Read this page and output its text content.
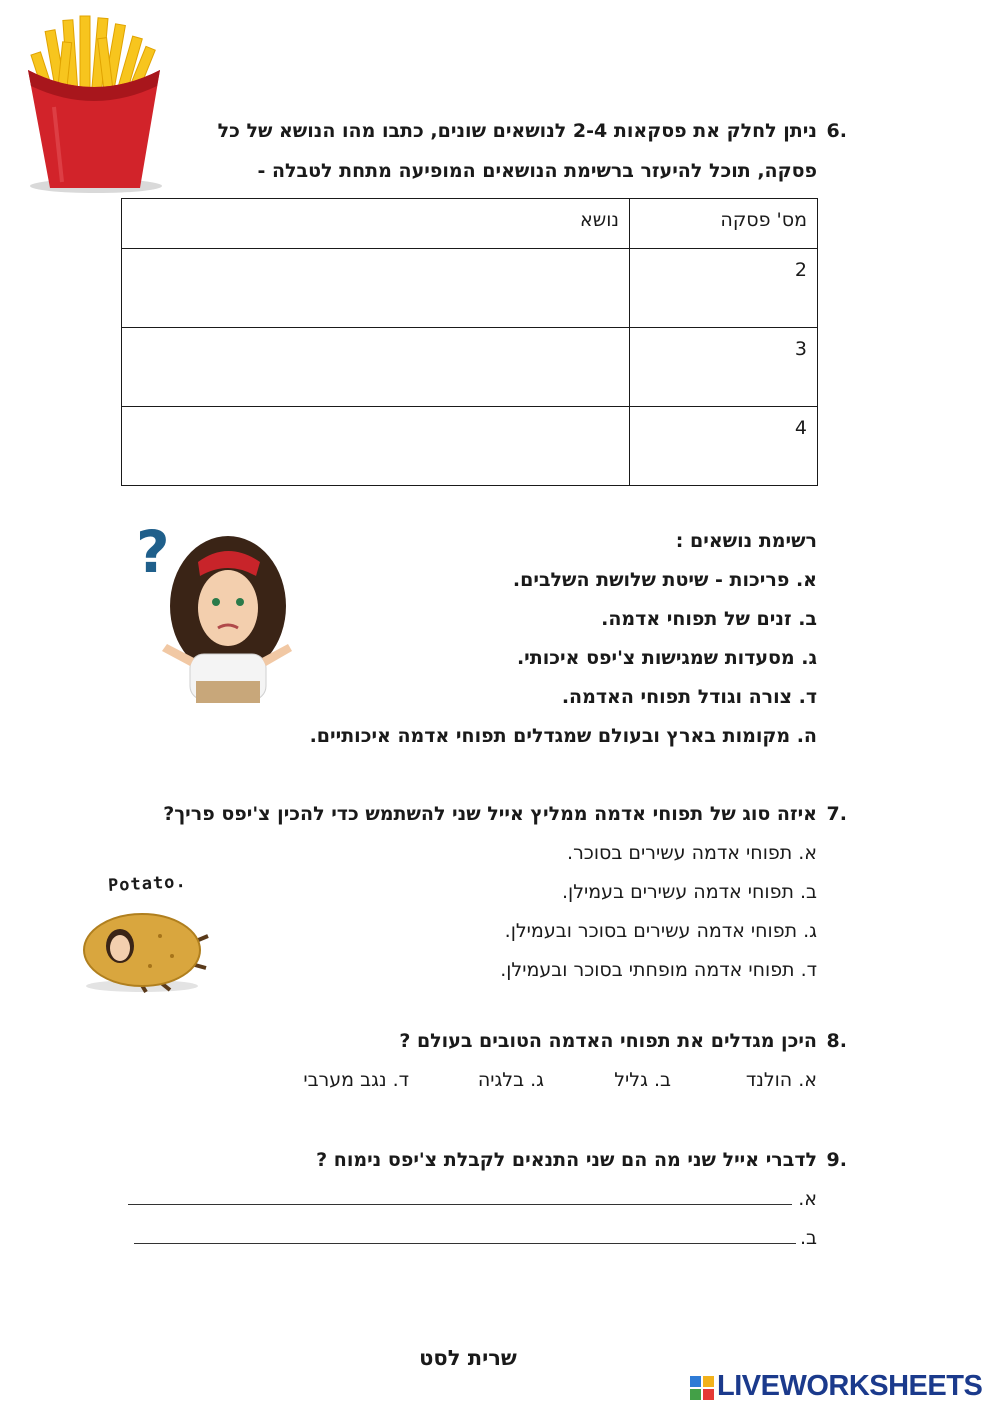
.6
ניתן לחלק את פסקאות 2-4 לנושאים שונים, כתבו מהו הנושא של כל
פסקה, תוכל להיעזר ברשימת הנושאים המופיעה מתחת לטבלה -
מס' פסקה	נושא
2	
3	
4	
?	רשימת נושאים :
א. פריכות - שיטת שלושת השלבים.
ב. זנים של תפוחי אדמה.
ג. מסעדות שמגישות צ'יפס איכותי.
ד. צורה וגודל תפוחי האדמה.
ה. מקומות בארץ ובעולם שמגדלים תפוחי אדמה איכותיים.
.7
איזה סוג של תפוחי אדמה ממליץ אייל שני להשתמש כדי להכין צ'יפס פריך?
א. תפוחי אדמה עשירים בסוכר.
ב. תפוחי אדמה עשירים בעמילן.
ג. תפוחי אדמה עשירים בסוכר ובעמילן.
ד. תפוחי אדמה מופחתי בסוכר ובעמילן.
Potato.
.8
היכן מגדלים את תפוחי האדמה הטובים בעולם ?
א. הולנד
ב. גליל
ג. בלגיה
ד. נגב מערבי
.9
לדברי אייל שני מה הם שני התנאים לקבלת צ'יפס נימוח ?
א.
ב.
שרית לסט
LIVEWORKSHEETS
